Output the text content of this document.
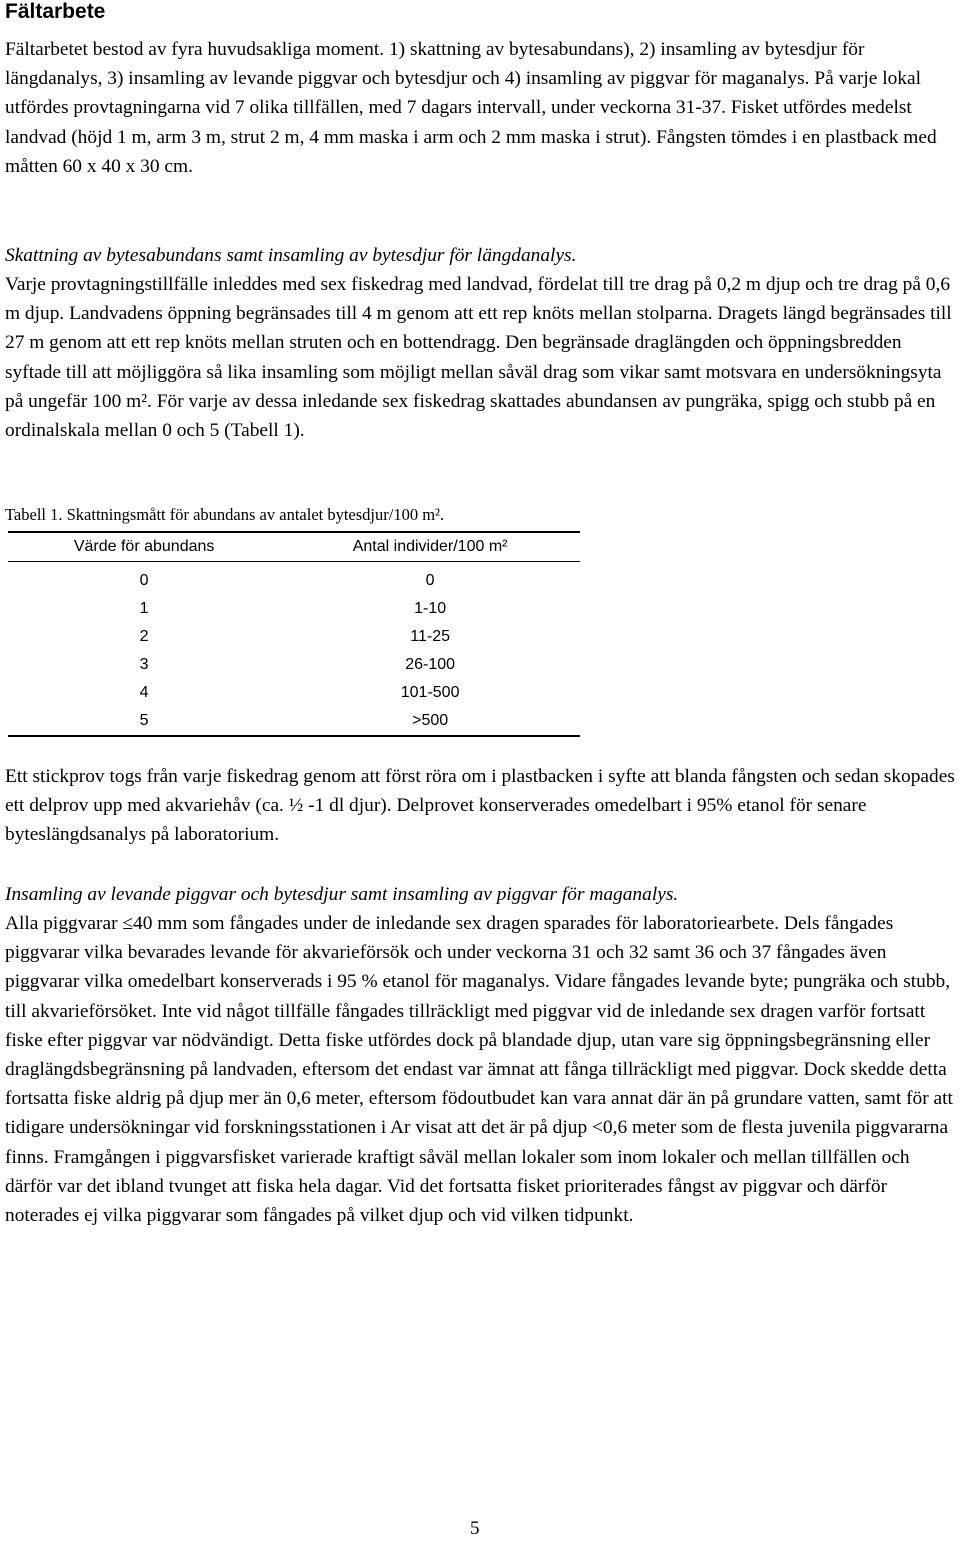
Fältarbete

Fältarbetet bestod av fyra huvudsakliga moment. 1) skattning av bytesabundans), 2) insamling av bytesdjur för längdanalys, 3) insamling av levande piggvar och bytesdjur och 4) insamling av piggvar för maganalys. På varje lokal utfördes provtagningarna vid 7 olika tillfällen, med 7 dagars intervall, under veckorna 31-37. Fisket utfördes medelst landvad (höjd 1 m, arm 3 m, strut 2 m, 4 mm maska i arm och 2 mm maska i strut). Fångsten tömdes i en plastback med måtten 60 x 40 x 30 cm.

Skattning av bytesabundans samt insamling av bytesdjur för längdanalys.

Varje provtagningstillfälle inleddes med sex fiskedrag med landvad, fördelat till tre drag på 0,2 m djup och tre drag på 0,6 m djup. Landvadens öppning begränsades till 4 m genom att ett rep knöts mellan stolparna. Dragets längd begränsades till 27 m genom att ett rep knöts mellan struten och en bottendragg. Den begränsade draglängden och öppningsbredden syftade till att möjliggöra så lika insamling som möjligt mellan såväl drag som vikar samt motsvara en undersökningsyta på ungefär 100 m². För varje av dessa inledande sex fiskedrag skattades abundansen av pungräka, spigg och stubb på en ordinalskala mellan 0 och 5 (Tabell 1).

Tabell 1. Skattningsmått för abundans av antalet bytesdjur/100 m².
Värde för abundans	Antal individer/100 m²
0	0
1	1-10
2	11-25
3	26-100
4	101-500
5	>500

Ett stickprov togs från varje fiskedrag genom att först röra om i plastbacken i syfte att blanda fångsten och sedan skopades ett delprov upp med akvariehåv (ca. ½ -1 dl djur). Delprovet konserverades omedelbart i 95% etanol för senare byteslängdsanalys på laboratorium.

Insamling av levande piggvar och bytesdjur samt insamling av piggvar för maganalys.

Alla piggvarar ≤40 mm som fångades under de inledande sex dragen sparades för laboratoriearbete. Dels fångades piggvarar vilka bevarades levande för akvarieförsök och under veckorna 31 och 32 samt 36 och 37 fångades även piggvarar vilka omedelbart konserverads i 95 % etanol för maganalys. Vidare fångades levande byte; pungräka och stubb, till akvarieförsöket. Inte vid något tillfälle fångades tillräckligt med piggvar vid de inledande sex dragen varför fortsatt fiske efter piggvar var nödvändigt. Detta fiske utfördes dock på blandade djup, utan vare sig öppningsbegränsning eller draglängdsbegränsning på landvaden, eftersom det endast var ämnat att fånga tillräckligt med piggvar. Dock skedde detta fortsatta fiske aldrig på djup mer än 0,6 meter, eftersom födoutbudet kan vara annat där än på grundare vatten, samt för att tidigare undersökningar vid forskningsstationen i Ar visat att det är på djup <0,6 meter som de flesta juvenila piggvararna finns. Framgången i piggvarsfisket varierade kraftigt såväl mellan lokaler som inom lokaler och mellan tillfällen och därför var det ibland tvunget att fiska hela dagar. Vid det fortsatta fisket prioriterades fångst av piggvar och därför noterades ej vilka piggvarar som fångades på vilket djup och vid vilken tidpunkt.

5
